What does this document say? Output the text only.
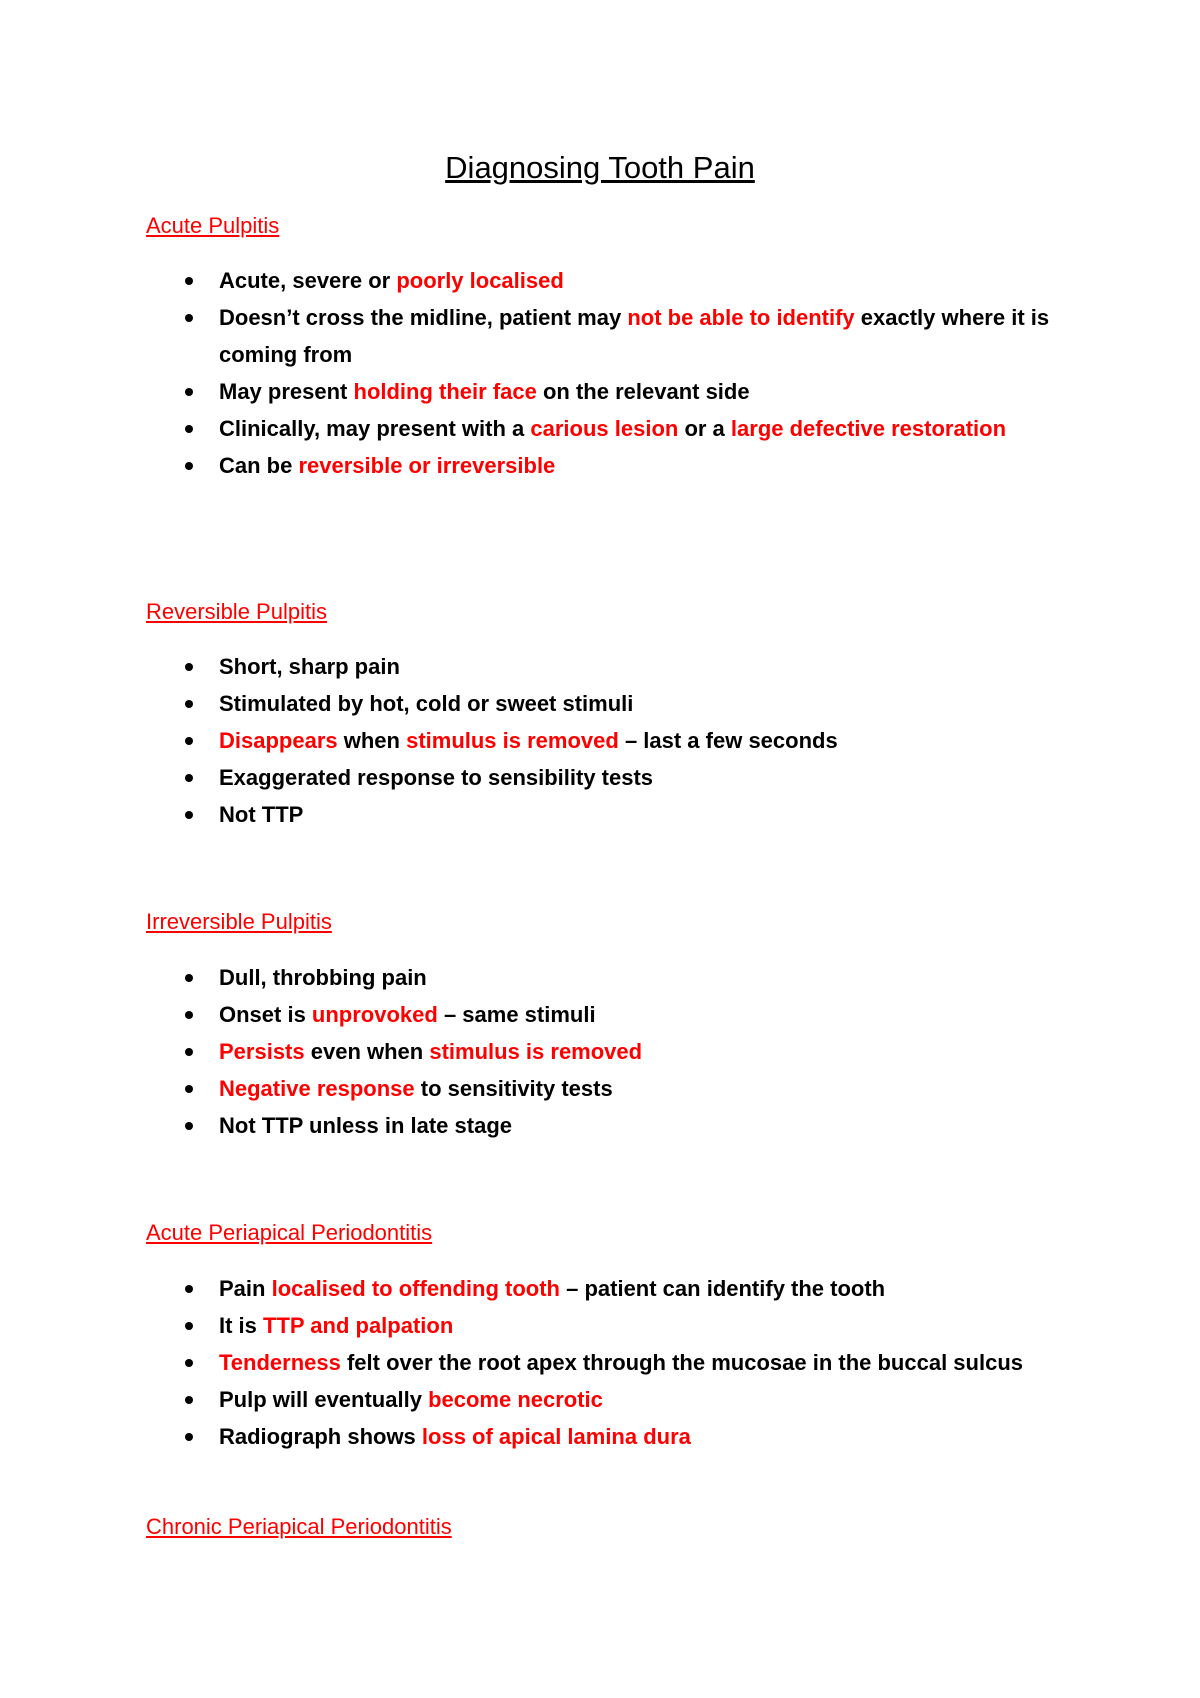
Diagnosing Tooth Pain
Acute Pulpitis
Acute, severe or poorly localised
Doesn’t cross the midline, patient may not be able to identify exactly where it is coming from
May present holding their face on the relevant side
Clinically, may present with a carious lesion or a large defective restoration
Can be reversible or irreversible
Reversible Pulpitis
Short, sharp pain
Stimulated by hot, cold or sweet stimuli
Disappears when stimulus is removed – last a few seconds
Exaggerated response to sensibility tests
Not TTP
Irreversible Pulpitis
Dull, throbbing pain
Onset is unprovoked – same stimuli
Persists even when stimulus is removed
Negative response to sensitivity tests
Not TTP unless in late stage
Acute Periapical Periodontitis
Pain localised to offending tooth – patient can identify the tooth
It is TTP and palpation
Tenderness felt over the root apex through the mucosae in the buccal sulcus
Pulp will eventually become necrotic
Radiograph shows loss of apical lamina dura
Chronic Periapical Periodontitis
